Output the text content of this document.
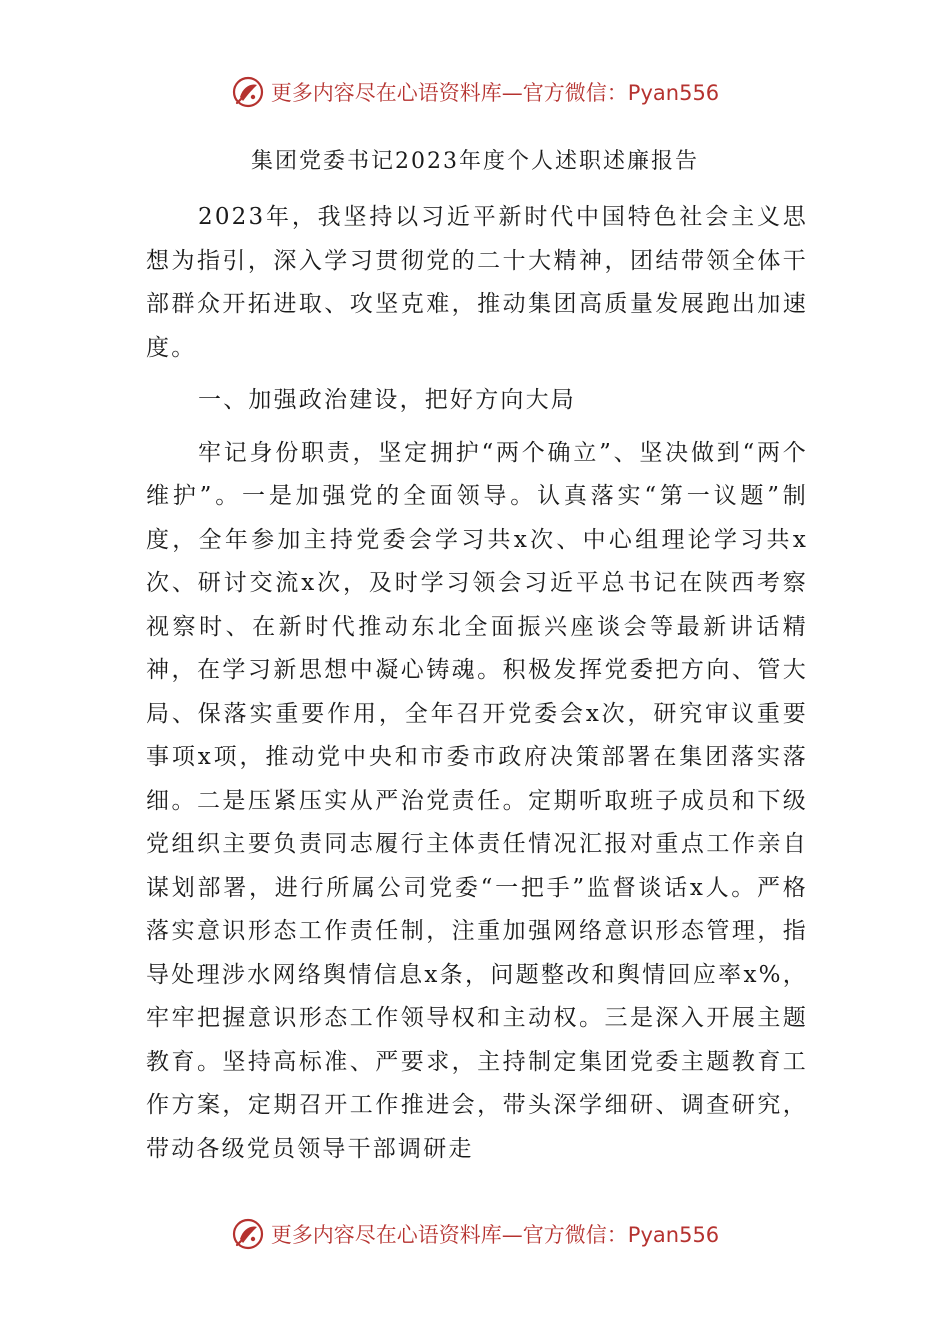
更多内容尽在心语资料库—官方微信：Pyan556
集团党委书记2023年度个人述职述廉报告

2023年，我坚持以习近平新时代中国特色社会主义思想为指引，深入学习贯彻党的二十大精神，团结带领全体干部群众开拓进取、攻坚克难，推动集团高质量发展跑出加速度。

一、加强政治建设，把好方向大局

牢记身份职责，坚定拥护“两个确立”、坚决做到“两个维护”。一是加强党的全面领导。认真落实“第一议题”制度，全年参加主持党委会学习共x次、中心组理论学习共x次、研讨交流x次，及时学习领会习近平总书记在陕西考察视察时、在新时代推动东北全面振兴座谈会等最新讲话精神，在学习新思想中凝心铸魂。积极发挥党委把方向、管大局、保落实重要作用，全年召开党委会x次，研究审议重要事项x项，推动党中央和市委市政府决策部署在集团落实落细。二是压紧压实从严治党责任。定期听取班子成员和下级党组织主要负责同志履行主体责任情况汇报对重点工作亲自谋划部署，进行所属公司党委“一把手”监督谈话x人。严格落实意识形态工作责任制，注重加强网络意识形态管理，指导处理涉水网络舆情信息x条，问题整改和舆情回应率x%，牢牢把握意识形态工作领导权和主动权。三是深入开展主题教育。坚持高标准、严要求，主持制定集团党委主题教育工作方案，定期召开工作推进会，带头深学细研、调查研究，带动各级党员领导干部调研走

更多内容尽在心语资料库—官方微信：Pyan556
